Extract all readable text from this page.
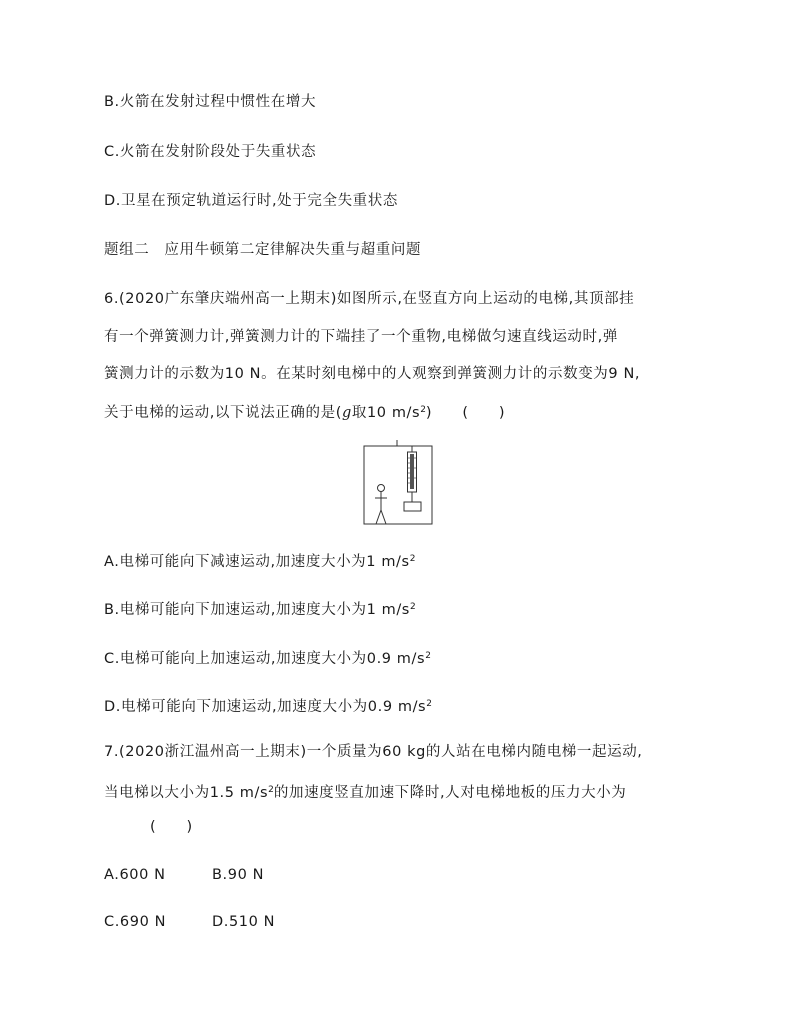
B.火箭在发射过程中惯性在增大
C.火箭在发射阶段处于失重状态
D.卫星在预定轨道运行时,处于完全失重状态
题组二　应用牛顿第二定律解决失重与超重问题
6.(2020广东肇庆端州高一上期末)如图所示,在竖直方向上运动的电梯,其顶部挂
有一个弹簧测力计,弹簧测力计的下端挂了一个重物,电梯做匀速直线运动时,弹
簧测力计的示数为10 N。在某时刻电梯中的人观察到弹簧测力计的示数变为9 N,
关于电梯的运动,以下说法正确的是(g取10 $m/s^2$)　　(　　)
A.电梯可能向下减速运动,加速度大小为1 $m/s^2$
B.电梯可能向下加速运动,加速度大小为1 $m/s^2$
C.电梯可能向上加速运动,加速度大小为0.9 $m/s^2$
D.电梯可能向下加速运动,加速度大小为0.9 $m/s^2$
7.(2020浙江温州高一上期末)一个质量为60 kg的人站在电梯内随电梯一起运动,
当电梯以大小为1.5 $m/s^2$的加速度竖直加速下降时,人对电梯地板的压力大小为
(　　)
A.600 N	B.90 N
C.690 N	D.510 N
